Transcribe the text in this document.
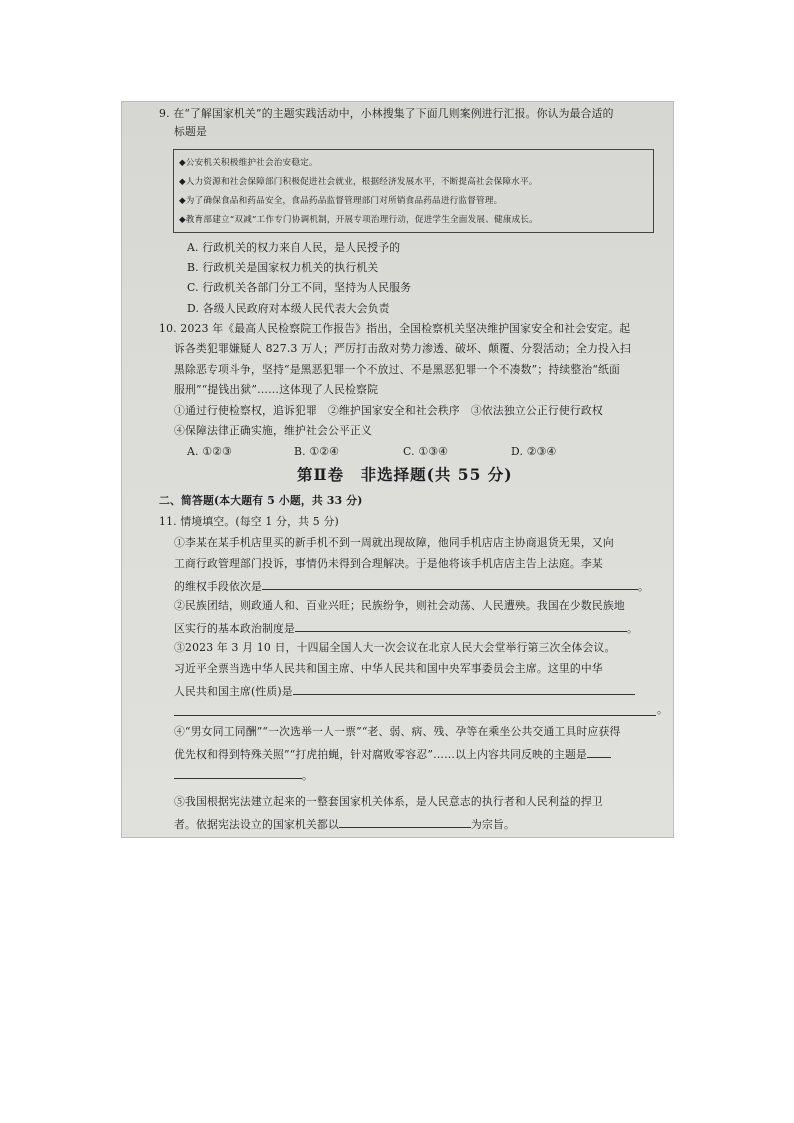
9. 在“了解国家机关”的主题实践活动中，小林搜集了下面几则案例进行汇报。你认为最合适的
标题是
◆公安机关积极维护社会治安稳定。
◆人力资源和社会保障部门积极促进社会就业，根据经济发展水平，不断提高社会保障水平。
◆为了确保食品和药品安全，食品药品监督管理部门对所销食品药品进行监督管理。
◆教育部建立“双减”工作专门协调机制，开展专项治理行动，促进学生全面发展、健康成长。
A. 行政机关的权力来自人民，是人民授予的
B. 行政机关是国家权力机关的执行机关
C. 行政机关各部门分工不同，坚持为人民服务
D. 各级人民政府对本级人民代表大会负责
10. 2023 年《最高人民检察院工作报告》指出，全国检察机关坚决维护国家安全和社会安定。起
诉各类犯罪嫌疑人 827.3 万人；严厉打击敌对势力渗透、破坏、颠覆、分裂活动；全力投入扫
黑除恶专项斗争，坚持“是黑恶犯罪一个不放过、不是黑恶犯罪一个不凑数”；持续整治“纸面
服刑”“提钱出狱”……这体现了人民检察院
①通过行使检察权，追诉犯罪　②维护国家安全和社会秩序　③依法独立公正行使行政权
④保障法律正确实施，维护社会公平正义
A. ①②③	B. ①②④	C. ①③④	D. ②③④
第Ⅱ卷　非选择题(共 55 分)
二、简答题(本大题有 5 小题，共 33 分)
11. 情境填空。(每空 1 分，共 5 分)
①李某在某手机店里买的新手机不到一周就出现故障，他同手机店店主协商退货无果，又向
工商行政管理部门投诉，事情仍未得到合理解决。于是他将该手机店店主告上法庭。李某
的维权手段依次是	。
②民族团结，则政通人和、百业兴旺；民族纷争，则社会动荡、人民遭殃。我国在少数民族地
区实行的基本政治制度是	。
③2023 年 3 月 10 日，十四届全国人大一次会议在北京人民大会堂举行第三次全体会议。
习近平全票当选中华人民共和国主席、中华人民共和国中央军事委员会主席。这里的中华
人民共和国主席(性质)是
。
④“男女同工同酬”“一次选举一人一票”“老、弱、病、残、孕等在乘坐公共交通工具时应获得
优先权和得到特殊关照”“打虎拍蝇，针对腐败零容忍”……以上内容共同反映的主题是
。
⑤我国根据宪法建立起来的一整套国家机关体系，是人民意志的执行者和人民利益的捍卫
者。依据宪法设立的国家机关都以	为宗旨。
